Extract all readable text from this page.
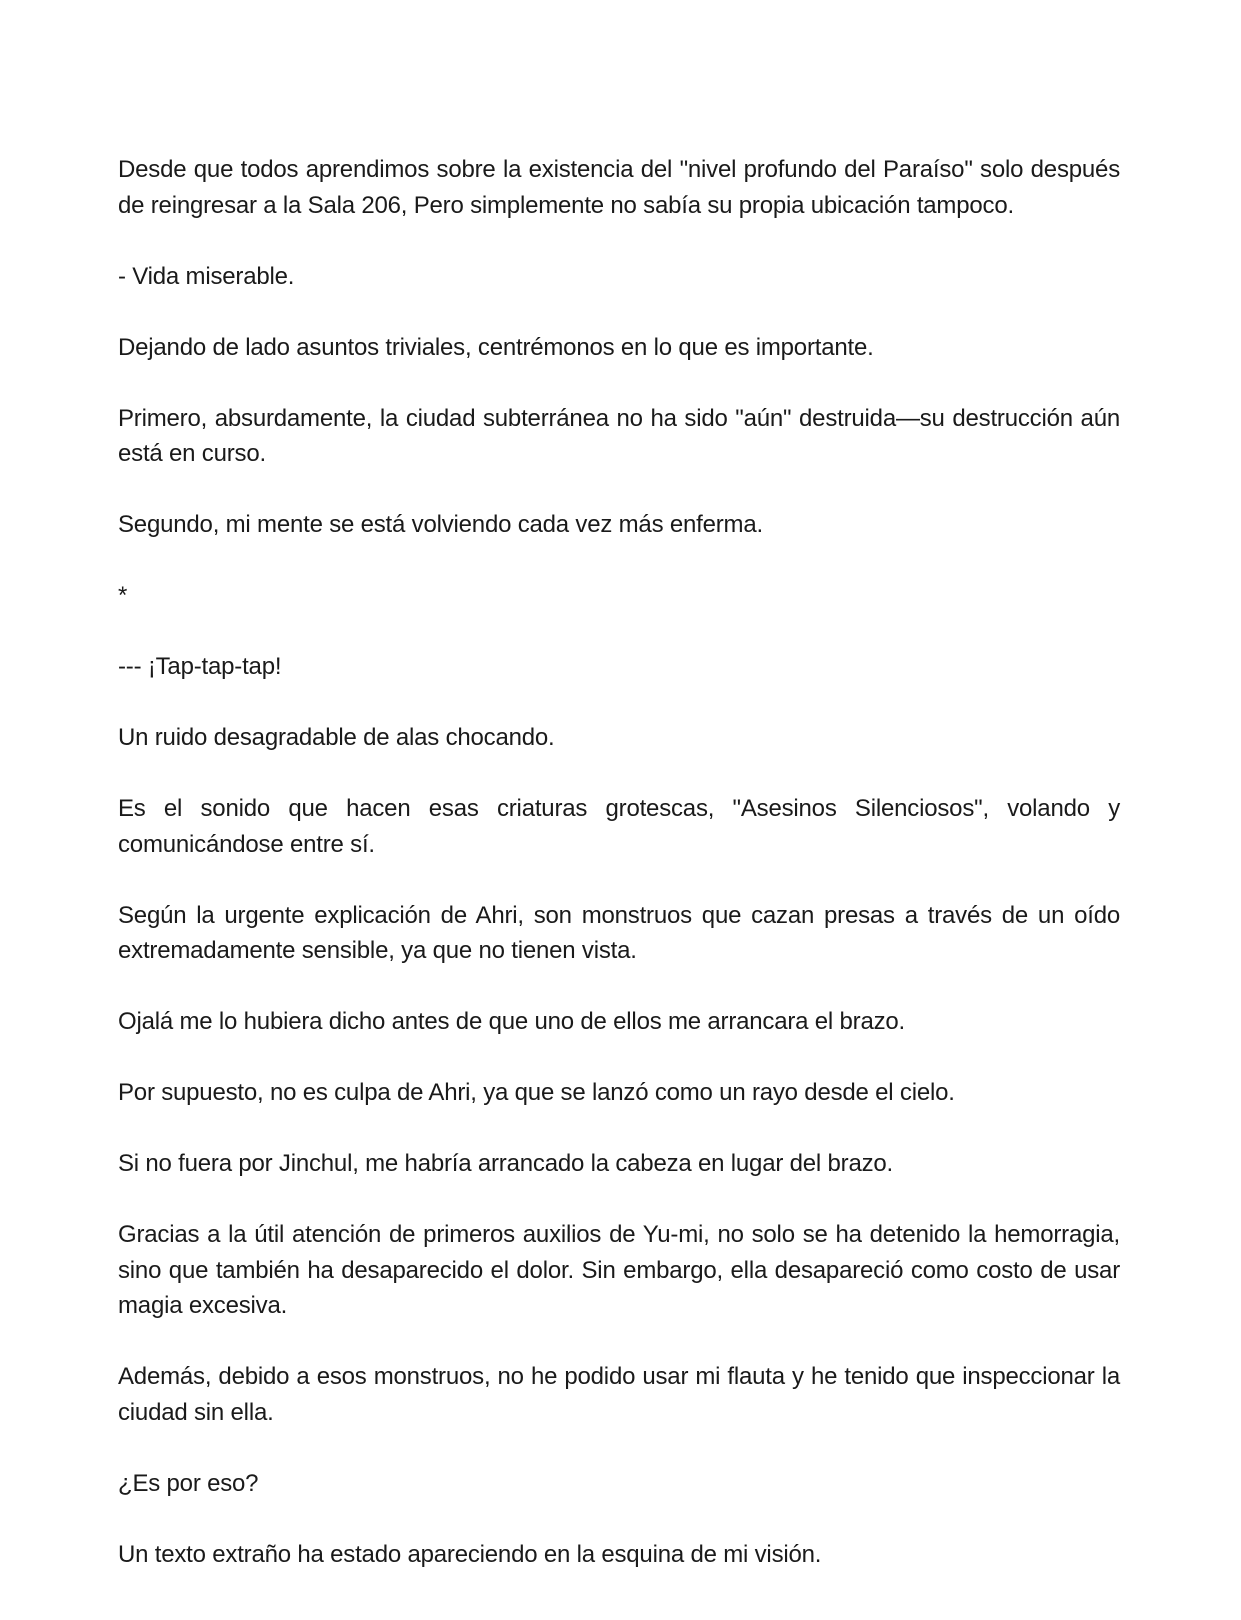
Desde que todos aprendimos sobre la existencia del "nivel profundo del Paraíso" solo después de reingresar a la Sala 206, Pero simplemente no sabía su propia ubicación tampoco.

- Vida miserable.

Dejando de lado asuntos triviales, centrémonos en lo que es importante.

Primero, absurdamente, la ciudad subterránea no ha sido "aún" destruida—su destrucción aún está en curso.

Segundo, mi mente se está volviendo cada vez más enferma.

*

--- ¡Tap-tap-tap!

Un ruido desagradable de alas chocando.

Es el sonido que hacen esas criaturas grotescas, "Asesinos Silenciosos", volando y comunicándose entre sí.

Según la urgente explicación de Ahri, son monstruos que cazan presas a través de un oído extremadamente sensible, ya que no tienen vista.

Ojalá me lo hubiera dicho antes de que uno de ellos me arrancara el brazo.

Por supuesto, no es culpa de Ahri, ya que se lanzó como un rayo desde el cielo.

Si no fuera por Jinchul, me habría arrancado la cabeza en lugar del brazo.

Gracias a la útil atención de primeros auxilios de Yu-mi, no solo se ha detenido la hemorragia, sino que también ha desaparecido el dolor. Sin embargo, ella desapareció como costo de usar magia excesiva.

Además, debido a esos monstruos, no he podido usar mi flauta y he tenido que inspeccionar la ciudad sin ella.

¿Es por eso?

Un texto extraño ha estado apareciendo en la esquina de mi visión.
